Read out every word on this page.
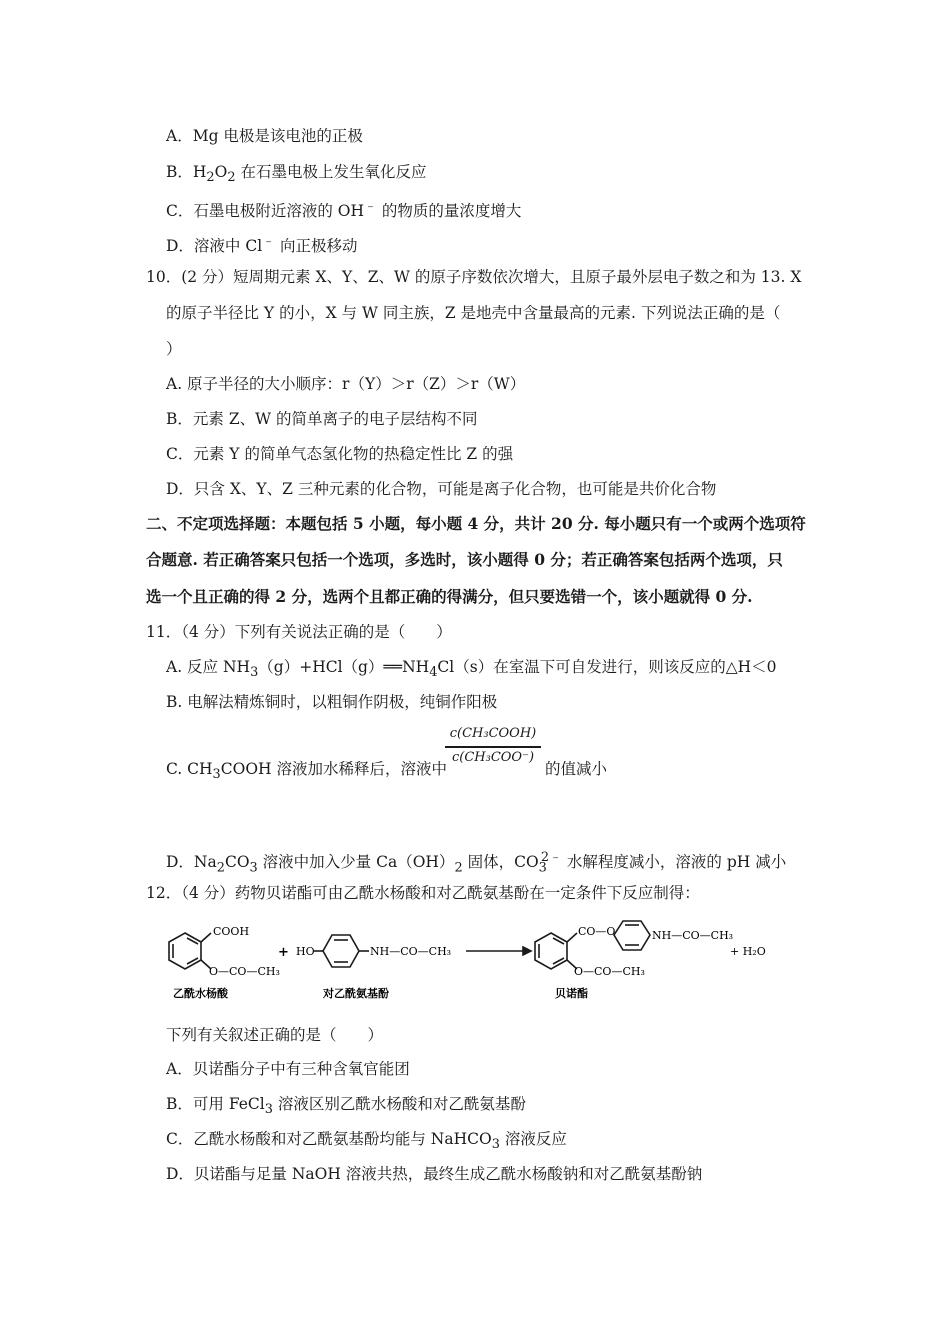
A．Mg 电极是该电池的正极
B．$H_2O_2$ 在石墨电极上发生氧化反应
C．石墨电极附近溶液的 OH﹣ 的物质的量浓度增大
D．溶液中 Cl﹣ 向正极移动
10．(2 分）短周期元素 X、Y、Z、W 的原子序数依次增大，且原子最外层电子数之和为 13. X
的原子半径比 Y 的小，X 与 W 同主族，Z 是地壳中含量最高的元素. 下列说法正确的是（
）
A. 原子半径的大小顺序：r（Y）＞r（Z）＞r（W）
B．元素 Z、W 的简单离子的电子层结构不同
C．元素 Y 的简单气态氢化物的热稳定性比 Z 的强
D．只含 X、Y、Z 三种元素的化合物，可能是离子化合物，也可能是共价化合物
二、不定项选择题：本题包括 5 小题，每小题 4 分，共计 20 分. 每小题只有一个或两个选项符
合题意. 若正确答案只包括一个选项，多选时，该小题得 0 分；若正确答案包括两个选项，只
选一个且正确的得 2 分，选两个且都正确的得满分，但只要选错一个，该小题就得 0 分.
11．（4 分）下列有关说法正确的是（　　）
A. 反应 $NH_3(g)+HCl(g)══NH_4Cl(s)$在室温下可自发进行，则该反应的△H＜0
B. 电解法精炼铜时，以粗铜作阴极，纯铜作阳极
C. $CH_3COOH$ 溶液加水稀释后，溶液中
c(CH₃COOH)
c(CH₃COO⁻)
的值减小
D．$Na_2CO_3$ 溶液中加入少量 $Ca(OH)_2$ 固体，$CO_3^{2﹣}$ 水解程度减小，溶液的 pH 减小
12．（4 分）药物贝诺酯可由乙酰水杨酸和对乙酰氨基酚在一定条件下反应制得：
COOH
O—CO—CH₃
乙酰水杨酸
+ HO	NH—CO—CH₃
对乙酰氨基酚
CO—O	NH—CO—CH₃
O—CO—CH₃
贝诺酯
+ H₂O
下列有关叙述正确的是（　　）
A．贝诺酯分子中有三种含氧官能团
B．可用 FeCl$_3$ 溶液区别乙酰水杨酸和对乙酰氨基酚
C．乙酰水杨酸和对乙酰氨基酚均能与 NaHCO$_3$ 溶液反应
D．贝诺酯与足量 NaOH 溶液共热，最终生成乙酰水杨酸钠和对乙酰氨基酚钠
